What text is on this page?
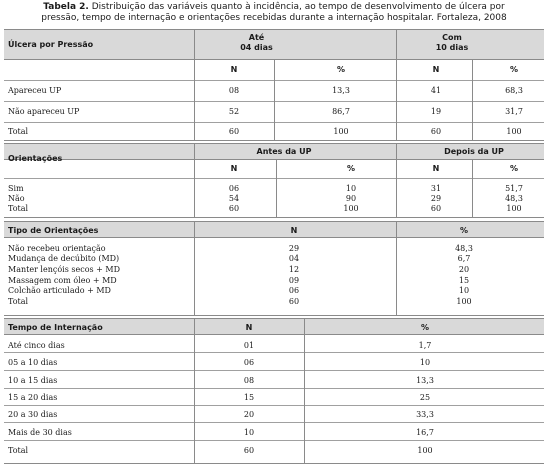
Tabela 2. Distribuição das variáveis quanto à incidência, ao tempo de desenvolvimento de úlcera por
pressão, tempo de internação e orientações recebidas durante a internação hospitalar. Fortaleza, 2008
Úlcera por Pressão
Até
04 dias
Com
10 dias
N	%	N	%
Apareceu UP	08	13,3	41	68,3
Não apareceu UP	52	86,7	19	31,7
Total	60	100	60	100
Orientações
Antes da UP	Depois da UP
N	%	N	%
Sim	06	10	31	51,7
Não	54	90	29	48,3
Total	60	100	60	100
Tipo de Orientações	N	%
Não recebeu orientação	29	48,3
Mudança de decúbito (MD)	04	6,7
Manter lençóis secos + MD	12	20
Massagem com óleo + MD	09	15
Colchão articulado + MD	06	10
Total	60	100
Tempo de Internação	N	%
Até cinco dias	01	1,7
05 a 10 dias	06	10
10 a 15 dias	08	13,3
15 a 20 dias	15	25
20 a 30 dias	20	33,3
Mais de 30 dias	10	16,7
Total	60	100
